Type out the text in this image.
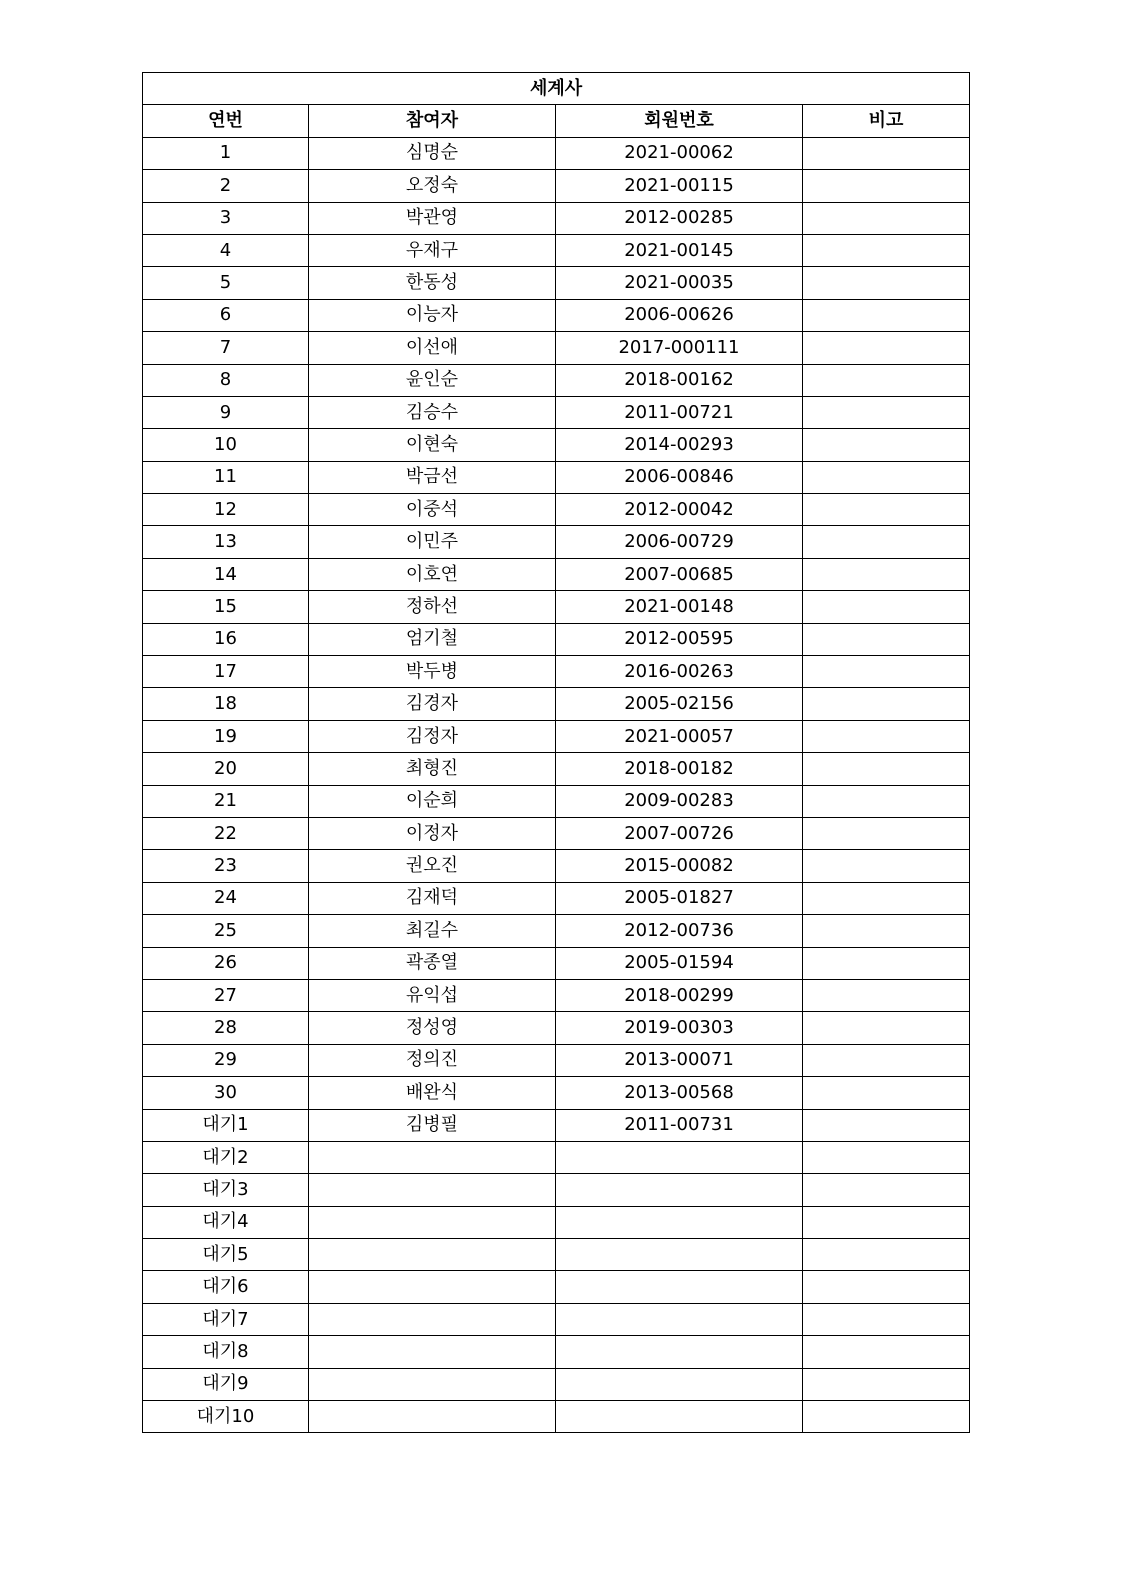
세계사			
연번	참여자	회원번호	비고
1	심명순	2021-00062	
2	오정숙	2021-00115	
3	박관영	2012-00285	
4	우재구	2021-00145	
5	한동성	2021-00035	
6	이능자	2006-00626	
7	이선애	2017-000111	
8	윤인순	2018-00162	
9	김승수	2011-00721	
10	이현숙	2014-00293	
11	박금선	2006-00846	
12	이중석	2012-00042	
13	이민주	2006-00729	
14	이호연	2007-00685	
15	정하선	2021-00148	
16	엄기철	2012-00595	
17	박두병	2016-00263	
18	김경자	2005-02156	
19	김정자	2021-00057	
20	최형진	2018-00182	
21	이순희	2009-00283	
22	이정자	2007-00726	
23	권오진	2015-00082	
24	김재덕	2005-01827	
25	최길수	2012-00736	
26	곽종열	2005-01594	
27	유익섭	2018-00299	
28	정성영	2019-00303	
29	정의진	2013-00071	
30	배완식	2013-00568	
대기1	김병필	2011-00731	
대기2			
대기3			
대기4			
대기5			
대기6			
대기7			
대기8			
대기9			
대기10			
